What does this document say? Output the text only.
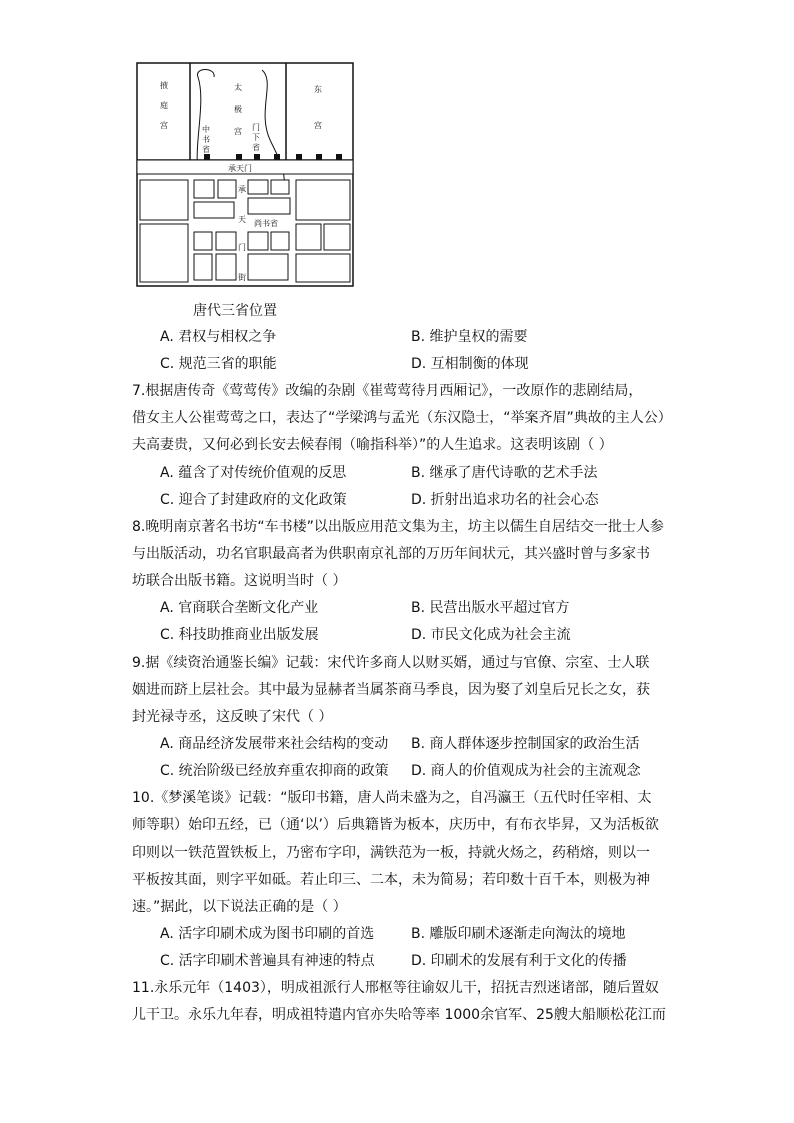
掖
庭
宫
太
极
宫
东
宫
中
书
省
门
下
省
承天门
承
天
门
街
尚书省
唐代三省位置
A. 君权与相权之争	B. 维护皇权的需要
C. 规范三省的职能	D. 互相制衡的体现
7.根据唐传奇《莺莺传》改编的杂剧《崔莺莺待月西厢记》，一改原作的悲剧结局，
借女主人公崔莺莺之口，表达了“学梁鸿与孟光（东汉隐士，“举案齐眉”典故的主人公）
夫高妻贵，又何必到长安去候春闱（喻指科举）”的人生追求。这表明该剧（ ）
A. 蕴含了对传统价值观的反思	B. 继承了唐代诗歌的艺术手法
C. 迎合了封建政府的文化政策	D. 折射出追求功名的社会心态
8.晚明南京著名书坊“车书楼”以出版应用范文集为主，坊主以儒生自居结交一批士人参
与出版活动，功名官职最高者为供职南京礼部的万历年间状元，其兴盛时曾与多家书
坊联合出版书籍。这说明当时（ ）
A. 官商联合垄断文化产业	B. 民营出版水平超过官方
C. 科技助推商业出版发展	D. 市民文化成为社会主流
9.据《续资治通鉴长编》记载：宋代许多商人以财买婿，通过与官僚、宗室、士人联
姻进而跻上层社会。其中最为显赫者当属茶商马季良，因为娶了刘皇后兄长之女，获
封光禄寺丞，这反映了宋代（ ）
A. 商品经济发展带来社会结构的变动 B. 商人群体逐步控制国家的政治生活
C. 统治阶级已经放弃重农抑商的政策 D. 商人的价值观成为社会的主流观念
10.《梦溪笔谈》记载：“版印书籍，唐人尚未盛为之，自冯瀛王（五代时任宰相、太
师等职）始印五经，已（通‘以’）后典籍皆为板本，庆历中，有布衣毕昇，又为活板欲
印则以一铁范置铁板上，乃密布字印，满铁范为一板，持就火炀之，药稍熔，则以一
平板按其面，则字平如砥。若止印三、二本，未为简易；若印数十百千本，则极为神
速。”据此，以下说法正确的是（ ）
A. 活字印刷术成为图书印刷的首选	B. 雕版印刷术逐渐走向淘汰的境地
C. 活字印刷术普遍具有神速的特点	D. 印刷术的发展有利于文化的传播
11.永乐元年（1403），明成祖派行人邢枢等往谕奴儿干，招抚吉烈迷诸部，随后置奴
儿干卫。永乐九年春，明成祖特遣内官亦失哈等率 1000余官军、25艘大船顺松花江而
